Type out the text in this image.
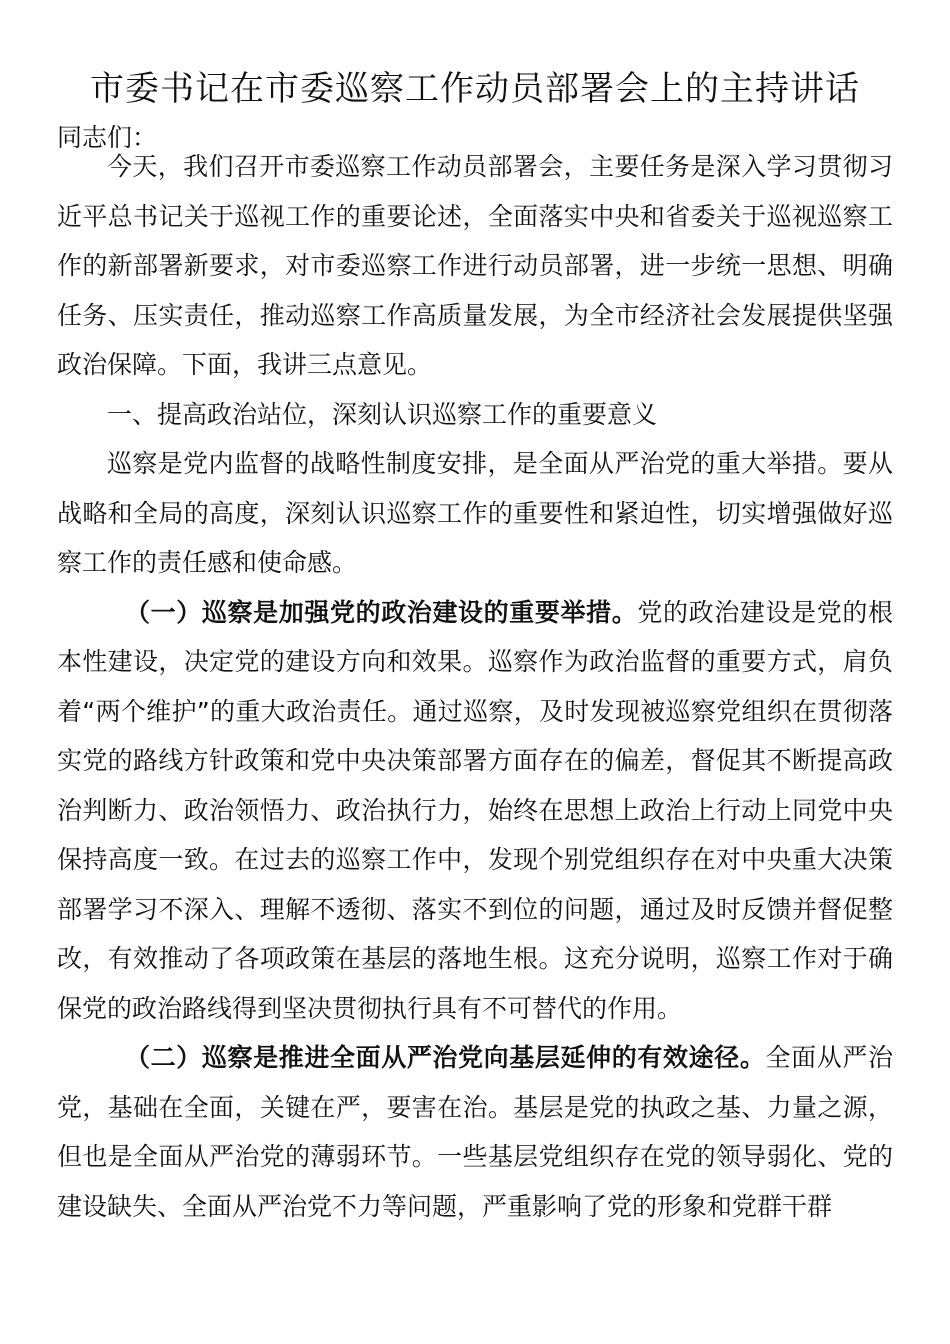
市委书记在市委巡察工作动员部署会上的主持讲话
同志们：

今天，我们召开市委巡察工作动员部署会，主要任务是深入学习贯彻习近平总书记关于巡视工作的重要论述，全面落实中央和省委关于巡视巡察工作的新部署新要求，对市委巡察工作进行动员部署，进一步统一思想、明确任务、压实责任，推动巡察工作高质量发展，为全市经济社会发展提供坚强政治保障。下面，我讲三点意见。

一、提高政治站位，深刻认识巡察工作的重要意义

巡察是党内监督的战略性制度安排，是全面从严治党的重大举措。要从战略和全局的高度，深刻认识巡察工作的重要性和紧迫性，切实增强做好巡察工作的责任感和使命感。

（一）巡察是加强党的政治建设的重要举措。党的政治建设是党的根本性建设，决定党的建设方向和效果。巡察作为政治监督的重要方式，肩负着“两个维护”的重大政治责任。通过巡察，及时发现被巡察党组织在贯彻落实党的路线方针政策和党中央决策部署方面存在的偏差，督促其不断提高政治判断力、政治领悟力、政治执行力，始终在思想上政治上行动上同党中央保持高度一致。在过去的巡察工作中，发现个别党组织存在对中央重大决策部署学习不深入、理解不透彻、落实不到位的问题，通过及时反馈并督促整改，有效推动了各项政策在基层的落地生根。这充分说明，巡察工作对于确保党的政治路线得到坚决贯彻执行具有不可替代的作用。

（二）巡察是推进全面从严治党向基层延伸的有效途径。全面从严治党，基础在全面，关键在严，要害在治。基层是党的执政之基、力量之源，但也是全面从严治党的薄弱环节。一些基层党组织存在党的领导弱化、党的建设缺失、全面从严治党不力等问题，严重影响了党的形象和党群干群
